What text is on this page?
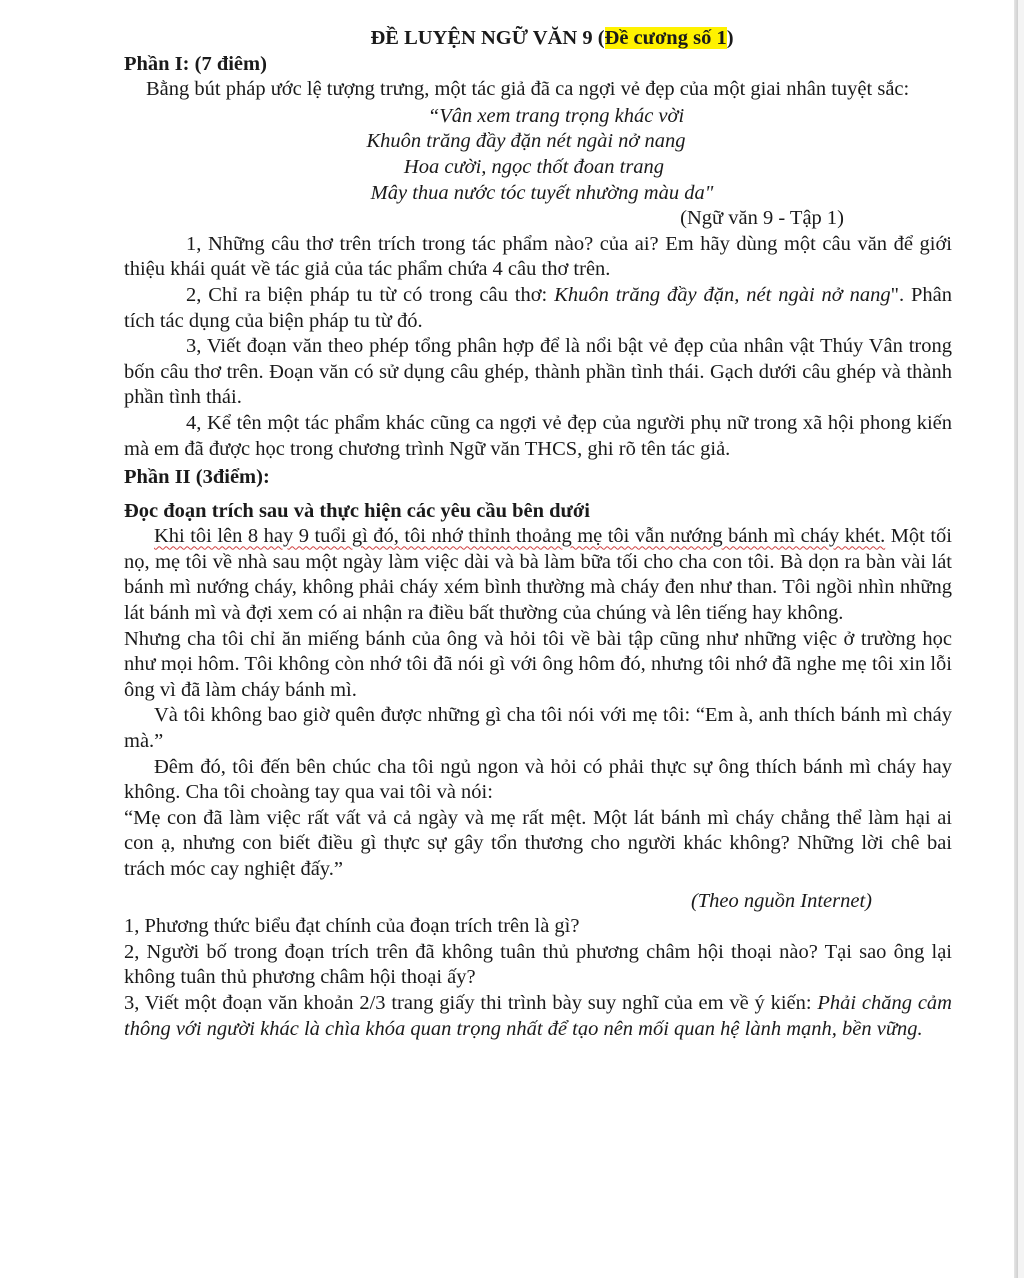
ĐỀ LUYỆN NGỮ VĂN 9 (Đề cương số 1)

Phần I: (7 điêm)

Bằng bút pháp ước lệ tượng trưng, một tác giả đã ca ngợi vẻ đẹp của một giai nhân tuyệt sắc:

“Vân xem trang trọng khác vời
Khuôn trăng đầy đặn nét ngài nở nang
Hoa cười, ngọc thốt đoan trang
Mây thua nước tóc tuyết nhường màu da"

(Ngữ văn 9 - Tập 1)

1, Những câu thơ trên trích trong tác phẩm nào? của ai? Em hãy dùng một câu văn để giới thiệu khái quát về tác giả của tác phẩm chứa 4 câu thơ trên.

2, Chỉ ra biện pháp tu từ có trong câu thơ: Khuôn trăng đầy đặn, nét ngài nở nang". Phân tích tác dụng của biện pháp tu từ đó.

3, Viết đoạn văn theo phép tổng phân hợp để là nổi bật vẻ đẹp của nhân vật Thúy Vân trong bốn câu thơ trên. Đoạn văn có sử dụng câu ghép, thành phần tình thái. Gạch dưới câu ghép và thành phần tình thái.

4, Kể tên một tác phẩm khác cũng ca ngợi vẻ đẹp của người phụ nữ trong xã hội phong kiến mà em đã được học trong chương trình Ngữ văn THCS, ghi rõ tên tác giả.

Phần II (3điểm):

Đọc đoạn trích sau và thực hiện các yêu cầu bên dưới

Khi tôi lên 8 hay 9 tuổi gì đó, tôi nhớ thỉnh thoảng mẹ tôi vẫn nướng bánh mì cháy khét. Một tối nọ, mẹ tôi về nhà sau một ngày làm việc dài và bà làm bữa tối cho cha con tôi. Bà dọn ra bàn vài lát bánh mì nướng cháy, không phải cháy xém bình thường mà cháy đen như than. Tôi ngồi nhìn những lát bánh mì và đợi xem có ai nhận ra điều bất thường của chúng và lên tiếng hay không.

Nhưng cha tôi chỉ ăn miếng bánh của ông và hỏi tôi về bài tập cũng như những việc ở trường học như mọi hôm. Tôi không còn nhớ tôi đã nói gì với ông hôm đó, nhưng tôi nhớ đã nghe mẹ tôi xin lỗi ông vì đã làm cháy bánh mì.

Và tôi không bao giờ quên được những gì cha tôi nói với mẹ tôi: “Em à, anh thích bánh mì cháy mà.”

Đêm đó, tôi đến bên chúc cha tôi ngủ ngon và hỏi có phải thực sự ông thích bánh mì cháy hay không. Cha tôi choàng tay qua vai tôi và nói:

“Mẹ con đã làm việc rất vất vả cả ngày và mẹ rất mệt. Một lát bánh mì cháy chẳng thể làm hại ai con ạ, nhưng con biết điều gì thực sự gây tổn thương cho người khác không? Những lời chê bai trách móc cay nghiệt đấy.”

(Theo nguồn Internet)

1, Phương thức biểu đạt chính của đoạn trích trên là gì?

2, Người bố trong đoạn trích trên đã không tuân thủ phương châm hội thoại nào? Tại sao ông lại không tuân thủ phương châm hội thoại ấy?

3, Viết một đoạn văn khoản 2/3 trang giấy thi trình bày suy nghĩ của em về ý kiến: Phải chăng cảm thông với người khác là chìa khóa quan trọng nhất để tạo nên mối quan hệ lành mạnh, bền vững.
